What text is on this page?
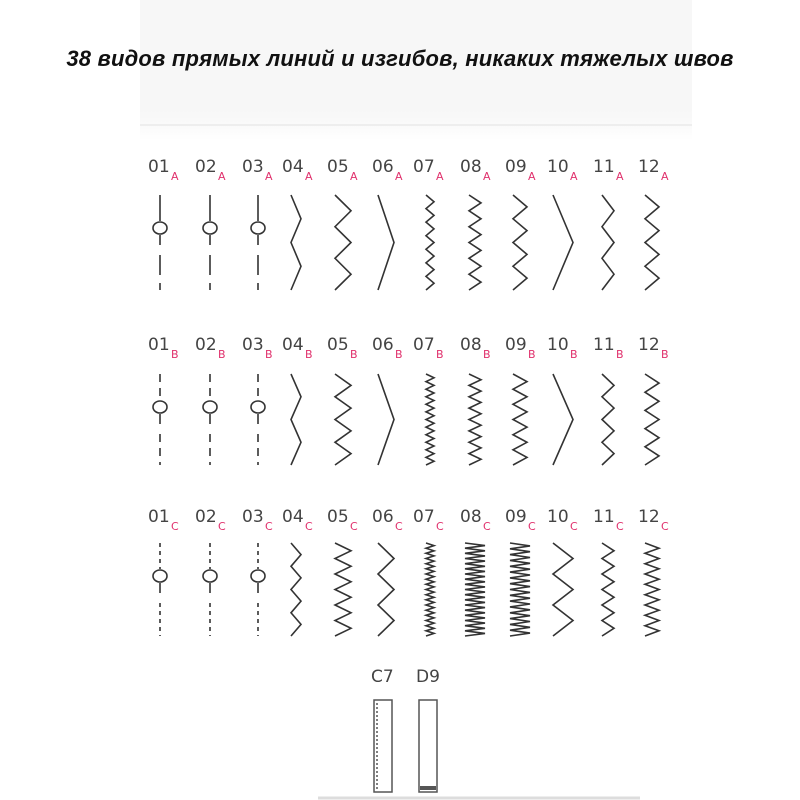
38 видов прямых линий и изгибов, никаких тяжелых швов
01 A 02 A 03 A 04 A 05 A 06 A 07 A 08 A 09 A 10 A 11 A 12 A
01 B 02 B 03 B 04 B 05 B 06 B 07 B 08 B 09 B 10 B 11 B 12 B
01 C 02 C 03 C 04 C 05 C 06 C 07 C 08 C 09 C 10 C 11 C 12 C
C7 D9
